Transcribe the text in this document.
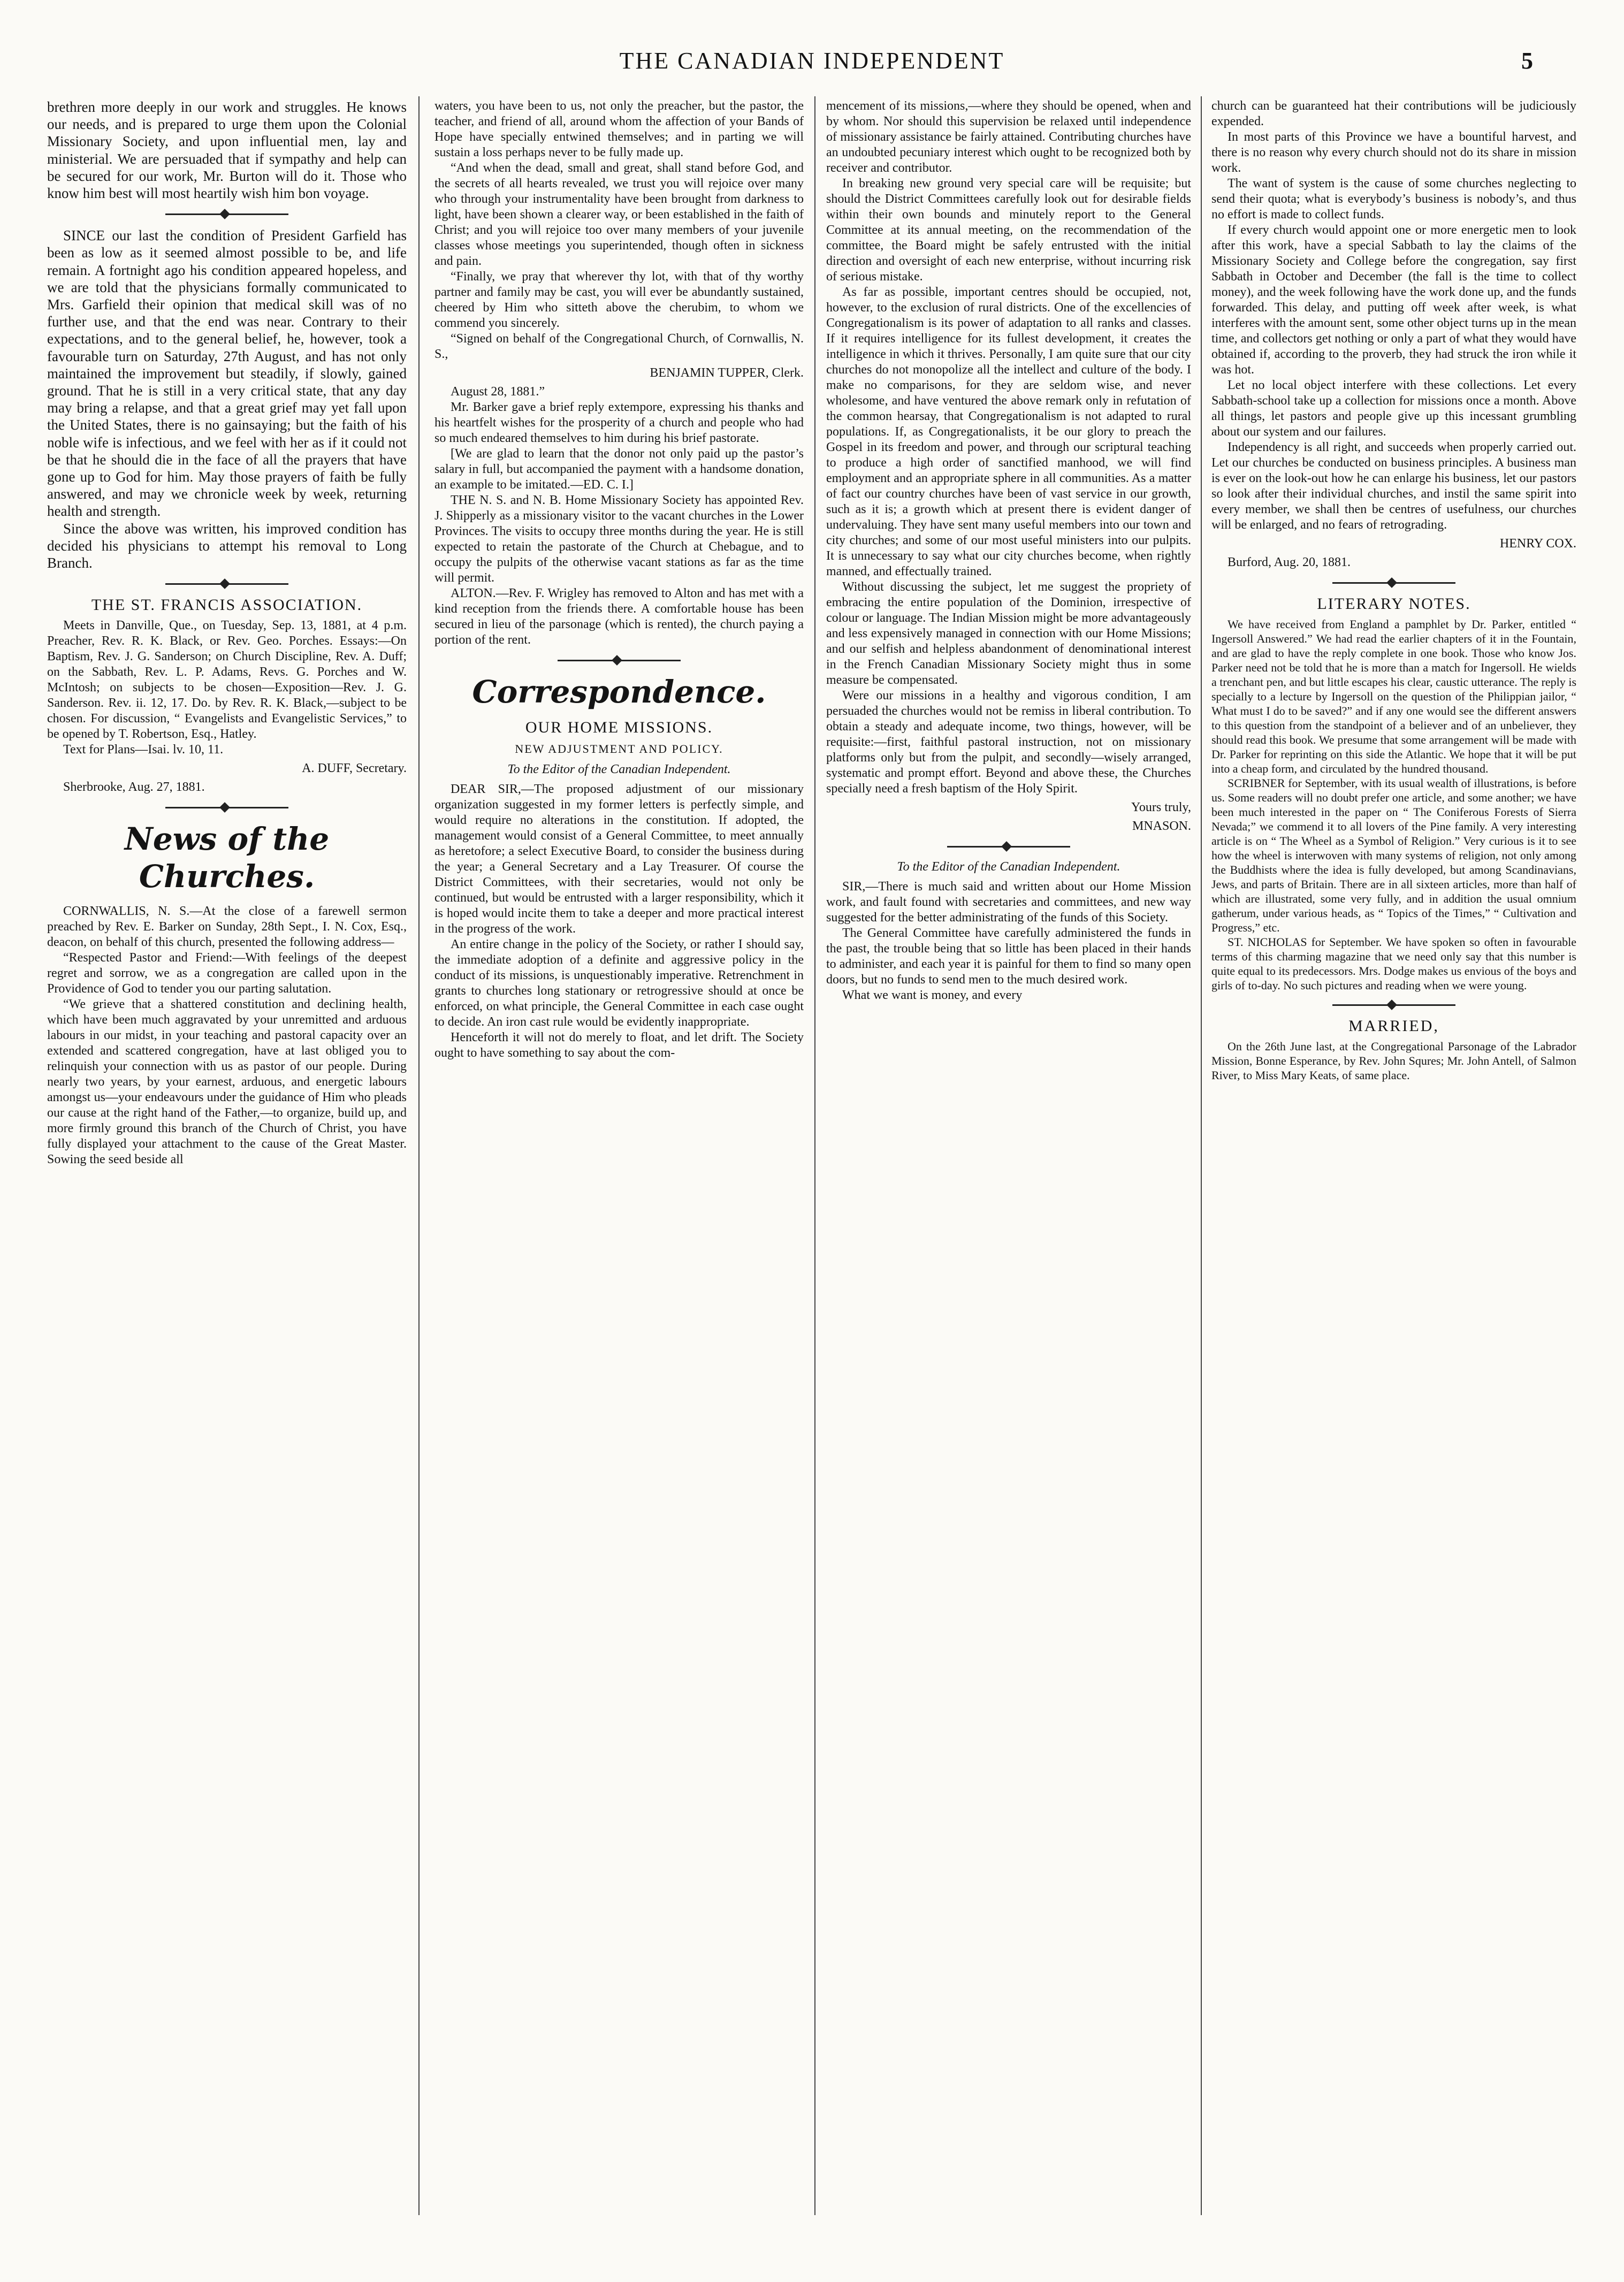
THE CANADIAN INDEPENDENT	5

brethren more deeply in our work and struggles. He knows our needs, and is prepared to urge them upon the Colonial Missionary Society, and upon influential men, lay and ministerial. We are persuaded that if sympathy and help can be secured for our work, Mr. Burton will do it. Those who know him best will most heartily wish him bon voyage.

SINCE our last the condition of President Garfield has been as low as it seemed almost possible to be, and life remain. A fortnight ago his condition appeared hopeless, and we are told that the physicians formally communicated to Mrs. Garfield their opinion that medical skill was of no further use, and that the end was near. Contrary to their expectations, and to the general belief, he, however, took a favourable turn on Saturday, 27th August, and has not only maintained the improvement but steadily, if slowly, gained ground. That he is still in a very critical state, that any day may bring a relapse, and that a great grief may yet fall upon the United States, there is no gainsaying; but the faith of his noble wife is infectious, and we feel with her as if it could not be that he should die in the face of all the prayers that have gone up to God for him. May those prayers of faith be fully answered, and may we chronicle week by week, returning health and strength.

Since the above was written, his improved condition has decided his physicians to attempt his removal to Long Branch.

THE ST. FRANCIS ASSOCIATION.

Meets in Danville, Que., on Tuesday, Sep. 13, 1881, at 4 p.m. Preacher, Rev. R. K. Black, or Rev. Geo. Porches. Essays:—On Baptism, Rev. J. G. Sanderson; on Church Discipline, Rev. A. Duff; on the Sabbath, Rev. L. P. Adams, Revs. G. Porches and W. McIntosh; on subjects to be chosen—Exposition—Rev. J. G. Sanderson. Rev. ii. 12, 17. Do. by Rev. R. K. Black,—subject to be chosen. For discussion, “ Evangelists and Evangelistic Services,” to be opened by T. Robertson, Esq., Hatley.

Text for Plans—Isai. lv. 10, 11.

A. DUFF, Secretary.

Sherbrooke, Aug. 27, 1881.

News of the Churches.

CORNWALLIS, N. S.—At the close of a farewell sermon preached by Rev. E. Barker on Sunday, 28th Sept., I. N. Cox, Esq., deacon, on behalf of this church, presented the following address—

“Respected Pastor and Friend:—With feelings of the deepest regret and sorrow, we as a congregation are called upon in the Providence of God to tender you our parting salutation.

“We grieve that a shattered constitution and declining health, which have been much aggravated by your unremitted and arduous labours in our midst, in your teaching and pastoral capacity over an extended and scattered congregation, have at last obliged you to relinquish your connection with us as pastor of our people. During nearly two years, by your earnest, arduous, and energetic labours amongst us—your endeavours under the guidance of Him who pleads our cause at the right hand of the Father,—to organize, build up, and more firmly ground this branch of the Church of Christ, you have fully displayed your attachment to the cause of the Great Master. Sowing the seed beside all

waters, you have been to us, not only the preacher, but the pastor, the teacher, and friend of all, around whom the affection of your Bands of Hope have specially entwined themselves; and in parting we will sustain a loss perhaps never to be fully made up.

“And when the dead, small and great, shall stand before God, and the secrets of all hearts revealed, we trust you will rejoice over many who through your instrumentality have been brought from darkness to light, have been shown a clearer way, or been established in the faith of Christ; and you will rejoice too over many members of your juvenile classes whose meetings you superintended, though often in sickness and pain.

“Finally, we pray that wherever thy lot, with that of thy worthy partner and family may be cast, you will ever be abundantly sustained, cheered by Him who sitteth above the cherubim, to whom we commend you sincerely.

“Signed on behalf of the Congregational Church, of Cornwallis, N. S.,

BENJAMIN TUPPER, Clerk.

August 28, 1881.”

Mr. Barker gave a brief reply extempore, expressing his thanks and his heartfelt wishes for the prosperity of a church and people who had so much endeared themselves to him during his brief pastorate.

[We are glad to learn that the donor not only paid up the pastor’s salary in full, but accompanied the payment with a handsome donation, an example to be imitated.—ED. C. I.]

THE N. S. and N. B. Home Missionary Society has appointed Rev. J. Shipperly as a missionary visitor to the vacant churches in the Lower Provinces. The visits to occupy three months during the year. He is still expected to retain the pastorate of the Church at Chebague, and to occupy the pulpits of the otherwise vacant stations as far as the time will permit.

ALTON.—Rev. F. Wrigley has removed to Alton and has met with a kind reception from the friends there. A comfortable house has been secured in lieu of the parsonage (which is rented), the church paying a portion of the rent.

Correspondence.

OUR HOME MISSIONS.

NEW ADJUSTMENT AND POLICY.

To the Editor of the Canadian Independent.

DEAR SIR,—The proposed adjustment of our missionary organization suggested in my former letters is perfectly simple, and would require no alterations in the constitution. If adopted, the management would consist of a General Committee, to meet annually as heretofore; a select Executive Board, to consider the business during the year; a General Secretary and a Lay Treasurer. Of course the District Committees, with their secretaries, would not only be continued, but would be entrusted with a larger responsibility, which it is hoped would incite them to take a deeper and more practical interest in the progress of the work.

An entire change in the policy of the Society, or rather I should say, the immediate adoption of a definite and aggressive policy in the conduct of its missions, is unquestionably imperative. Retrenchment in grants to churches long stationary or retrogressive should at once be enforced, on what principle, the General Committee in each case ought to decide. An iron cast rule would be evidently inappropriate.

Henceforth it will not do merely to float, and let drift. The Society ought to have something to say about the com-

mencement of its missions,—where they should be opened, when and by whom. Nor should this supervision be relaxed until independence of missionary assistance be fairly attained. Contributing churches have an undoubted pecuniary interest which ought to be recognized both by receiver and contributor.

In breaking new ground very special care will be requisite; but should the District Committees carefully look out for desirable fields within their own bounds and minutely report to the General Committee at its annual meeting, on the recommendation of the committee, the Board might be safely entrusted with the initial direction and oversight of each new enterprise, without incurring risk of serious mistake.

As far as possible, important centres should be occupied, not, however, to the exclusion of rural districts. One of the excellencies of Congregationalism is its power of adaptation to all ranks and classes. If it requires intelligence for its fullest development, it creates the intelligence in which it thrives. Personally, I am quite sure that our city churches do not monopolize all the intellect and culture of the body. I make no comparisons, for they are seldom wise, and never wholesome, and have ventured the above remark only in refutation of the common hearsay, that Congregationalism is not adapted to rural populations. If, as Congregationalists, it be our glory to preach the Gospel in its freedom and power, and through our scriptural teaching to produce a high order of sanctified manhood, we will find employment and an appropriate sphere in all communities. As a matter of fact our country churches have been of vast service in our growth, such as it is; a growth which at present there is evident danger of undervaluing. They have sent many useful members into our town and city churches; and some of our most useful ministers into our pulpits. It is unnecessary to say what our city churches become, when rightly manned, and effectually trained.

Without discussing the subject, let me suggest the propriety of embracing the entire population of the Dominion, irrespective of colour or language. The Indian Mission might be more advantageously and less expensively managed in connection with our Home Missions; and our selfish and helpless abandonment of denominational interest in the French Canadian Missionary Society might thus in some measure be compensated.

Were our missions in a healthy and vigorous condition, I am persuaded the churches would not be remiss in liberal contribution. To obtain a steady and adequate income, two things, however, will be requisite:—first, faithful pastoral instruction, not on missionary platforms only but from the pulpit, and secondly—wisely arranged, systematic and prompt effort. Beyond and above these, the Churches specially need a fresh baptism of the Holy Spirit.

Yours truly,

MNASON.

To the Editor of the Canadian Independent.

SIR,—There is much said and written about our Home Mission work, and fault found with secretaries and committees, and new way suggested for the better administrating of the funds of this Society.

The General Committee have carefully administered the funds in the past, the trouble being that so little has been placed in their hands to administer, and each year it is painful for them to find so many open doors, but no funds to send men to the much desired work.

What we want is money, and every

church can be guaranteed hat their contributions will be judiciously expended.

In most parts of this Province we have a bountiful harvest, and there is no reason why every church should not do its share in mission work.

The want of system is the cause of some churches neglecting to send their quota; what is everybody’s business is nobody’s, and thus no effort is made to collect funds.

If every church would appoint one or more energetic men to look after this work, have a special Sabbath to lay the claims of the Missionary Society and College before the congregation, say first Sabbath in October and December (the fall is the time to collect money), and the week following have the work done up, and the funds forwarded. This delay, and putting off week after week, is what interferes with the amount sent, some other object turns up in the mean time, and collectors get nothing or only a part of what they would have obtained if, according to the proverb, they had struck the iron while it was hot.

Let no local object interfere with these collections. Let every Sabbath-school take up a collection for missions once a month. Above all things, let pastors and people give up this incessant grumbling about our system and our failures.

Independency is all right, and succeeds when properly carried out. Let our churches be conducted on business principles. A business man is ever on the look-out how he can enlarge his business, let our pastors so look after their individual churches, and instil the same spirit into every member, we shall then be centres of usefulness, our churches will be enlarged, and no fears of retrograding.

HENRY COX.

Burford, Aug. 20, 1881.

LITERARY NOTES.

We have received from England a pamphlet by Dr. Parker, entitled “ Ingersoll Answered.” We had read the earlier chapters of it in the Fountain, and are glad to have the reply complete in one book. Those who know Jos. Parker need not be told that he is more than a match for Ingersoll. He wields a trenchant pen, and but little escapes his clear, caustic utterance. The reply is specially to a lecture by Ingersoll on the question of the Philippian jailor, “ What must I do to be saved?” and if any one would see the different answers to this question from the standpoint of a believer and of an unbeliever, they should read this book. We presume that some arrangement will be made with Dr. Parker for reprinting on this side the Atlantic. We hope that it will be put into a cheap form, and circulated by the hundred thousand.

SCRIBNER for September, with its usual wealth of illustrations, is before us. Some readers will no doubt prefer one article, and some another; we have been much interested in the paper on “ The Coniferous Forests of Sierra Nevada;” we commend it to all lovers of the Pine family. A very interesting article is on “ The Wheel as a Symbol of Religion.” Very curious is it to see how the wheel is interwoven with many systems of religion, not only among the Buddhists where the idea is fully developed, but among Scandinavians, Jews, and parts of Britain. There are in all sixteen articles, more than half of which are illustrated, some very fully, and in addition the usual omnium gatherum, under various heads, as “ Topics of the Times,” “ Cultivation and Progress,” etc.

ST. NICHOLAS for September. We have spoken so often in favourable terms of this charming magazine that we need only say that this number is quite equal to its predecessors. Mrs. Dodge makes us envious of the boys and girls of to-day. No such pictures and reading when we were young.

MARRIED,

On the 26th June last, at the Congregational Parsonage of the Labrador Mission, Bonne Esperance, by Rev. John Squres; Mr. John Antell, of Salmon River, to Miss Mary Keats, of same place.
